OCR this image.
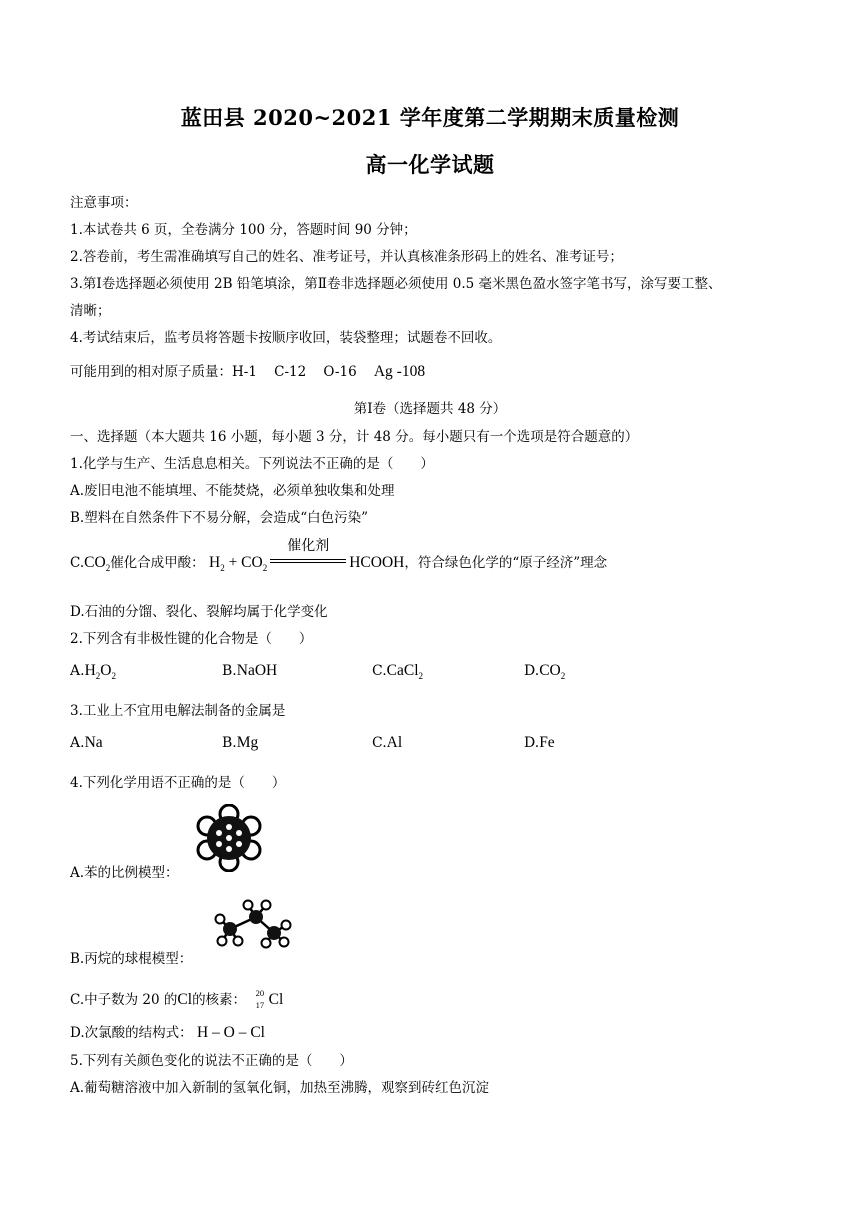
蓝田县 2020~2021 学年度第二学期期末质量检测
高一化学试题
注意事项：
1.本试卷共 6 页，全卷满分 100 分，答题时间 90 分钟；
2.答卷前，考生需准确填写自己的姓名、准考证号，并认真核准条形码上的姓名、准考证号；
3.第Ⅰ卷选择题必须使用 2B 铅笔填涂，第Ⅱ卷非选择题必须使用 0.5 毫米黑色盈水签字笔书写，涂写要工整、
清晰；
4.考试结束后，监考员将答题卡按顺序收回，装袋整理；试题卷不回收。
可能用到的相对原子质量：H-1 C-12 O-16 Ag -108
第Ⅰ卷（选择题共 48 分）
一、选择题（本大题共 16 小题，每小题 3 分，计 48 分。每小题只有一个选项是符合题意的）
1.化学与生产、生活息息相关。下列说法不正确的是（　　）
A.废旧电池不能填埋、不能焚烧，必须单独收集和处理
B.塑料在自然条件下不易分解，会造成“白色污染”
$C.CO_2$催化合成甲酸： $H_2 + CO_2$
催化剂
HCOOH，符合绿色化学的“原子经济”理念
D.石油的分馏、裂化、裂解均属于化学变化
2.下列含有非极性键的化合物是（　　）
$A.H_2O_2$	B.NaOH	C.CaCl$_2$	$D.CO_2$
3.工业上不宜用电解法制备的金属是
A.Na	B.Mg	C.Al	D.Fe
4.下列化学用语不正确的是（　　）
A.苯的比例模型：
B.丙烷的球棍模型：
C.中子数为 20 的Cl的核素： 20
17 Cl
D.次氯酸的结构式： H – O – Cl
5.下列有关颜色变化的说法不正确的是（　　）
A.葡萄糖溶液中加入新制的氢氧化铜，加热至沸腾，观察到砖红色沉淀
